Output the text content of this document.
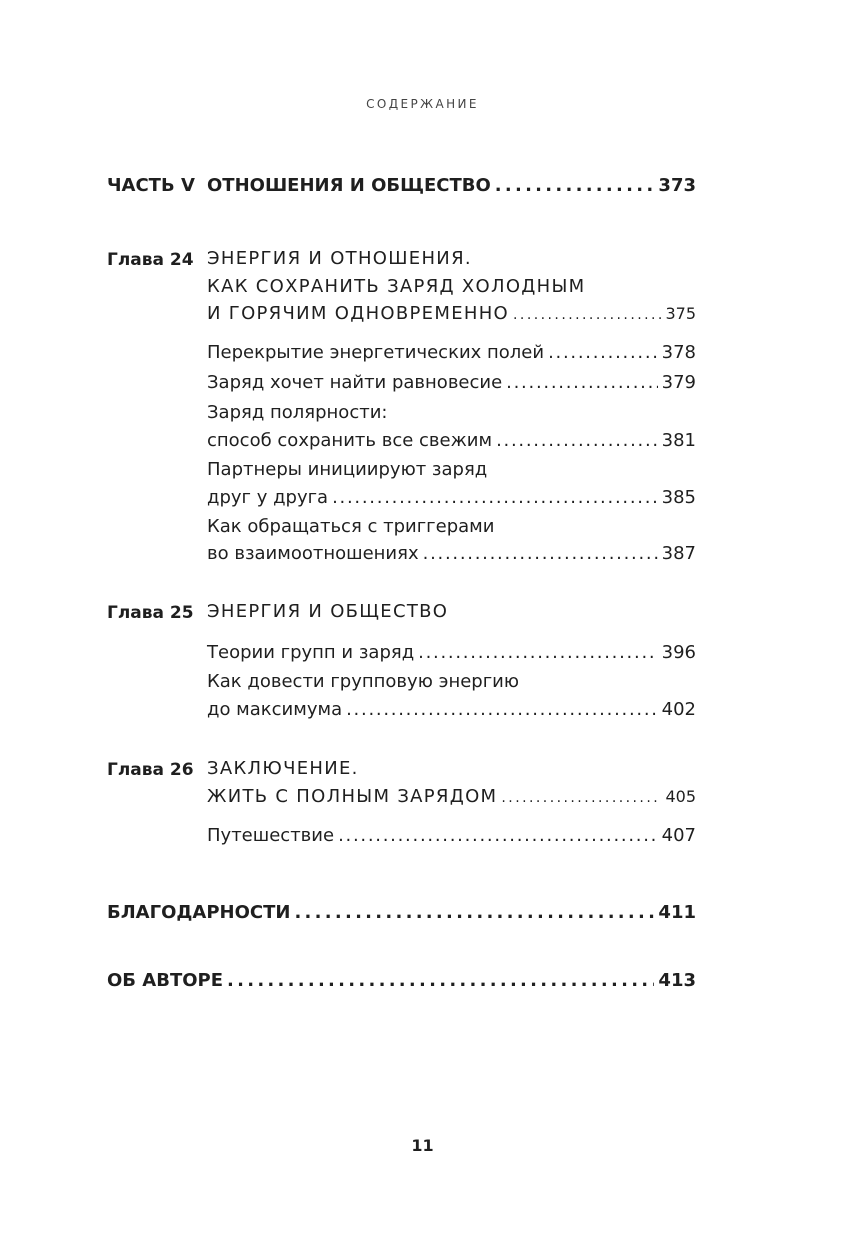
СОДЕРЖАНИЕ
ЧАСТЬ V ОТНОШЕНИЯ И ОБЩЕСТВО . . .	373
Глава 24 ЭНЕРГИЯ И ОТНОШЕНИЯ.
КАК СОХРАНИТЬ ЗАРЯД ХОЛОДНЫМ
И ГОРЯЧИМ ОДНОВРЕМЕННО . . .	375
Перекрытие энергетических полей . . .	378
Заряд хочет найти равновесие . . .	379
Заряд полярности:
способ сохранить все свежим . . .	381
Партнеры инициируют заряд
друг у друга . . .	385
Как обращаться с триггерами
во взаимоотношениях . . .	387
Глава 25 ЭНЕРГИЯ И ОБЩЕСТВО
Теории групп и заряд . . .	396
Как довести групповую энергию
до максимума . . .	402
Глава 26 ЗАКЛЮЧЕНИЕ.
ЖИТЬ С ПОЛНЫМ ЗАРЯДОМ . . .	405
Путешествие . . .	407
БЛАГОДАРНОСТИ . . .	411
ОБ АВТОРЕ . . .	413
11
